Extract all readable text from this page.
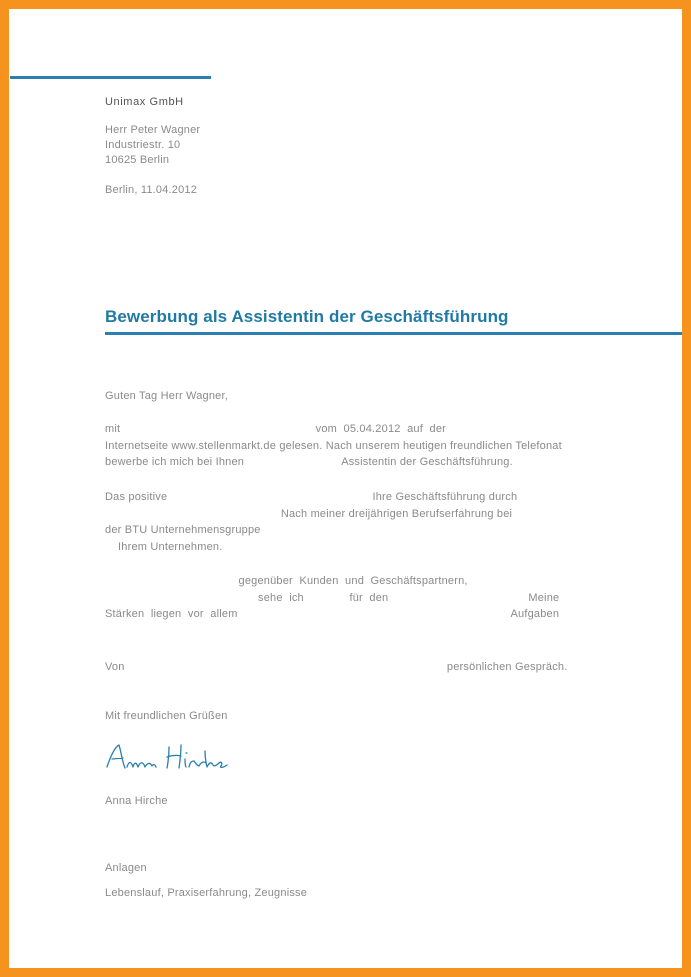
Unimax GmbH
Herr Peter Wagner
Industriestr. 10
10625 Berlin
Berlin, 11.04.2012
Bewerbung als Assistentin der Geschäftsführung
Guten Tag Herr Wagner,
mit                                                            vom  05.04.2012  auf  der
Internetseite www.stellenmarkt.de gelesen. Nach unserem heutigen freundlichen Telefonat
bewerbe ich mich bei Ihnen                              Assistentin der Geschäftsführung.
Das positive                                                               Ihre Geschäftsführung durch
Nach meiner dreijährigen Berufserfahrung bei
der BTU Unternehmensgruppe
Ihrem Unternehmen.
gegenüber  Kunden  und  Geschäftspartnern,
sehe  ich              für  den                                           Meine
Stärken  liegen  vor  allem                                                                                    Aufgaben
Von                                                                                                   persönlichen Gespräch.
Mit freundlichen Grüßen
Anna Hirche
Anlagen
Lebenslauf, Praxiserfahrung, Zeugnisse
